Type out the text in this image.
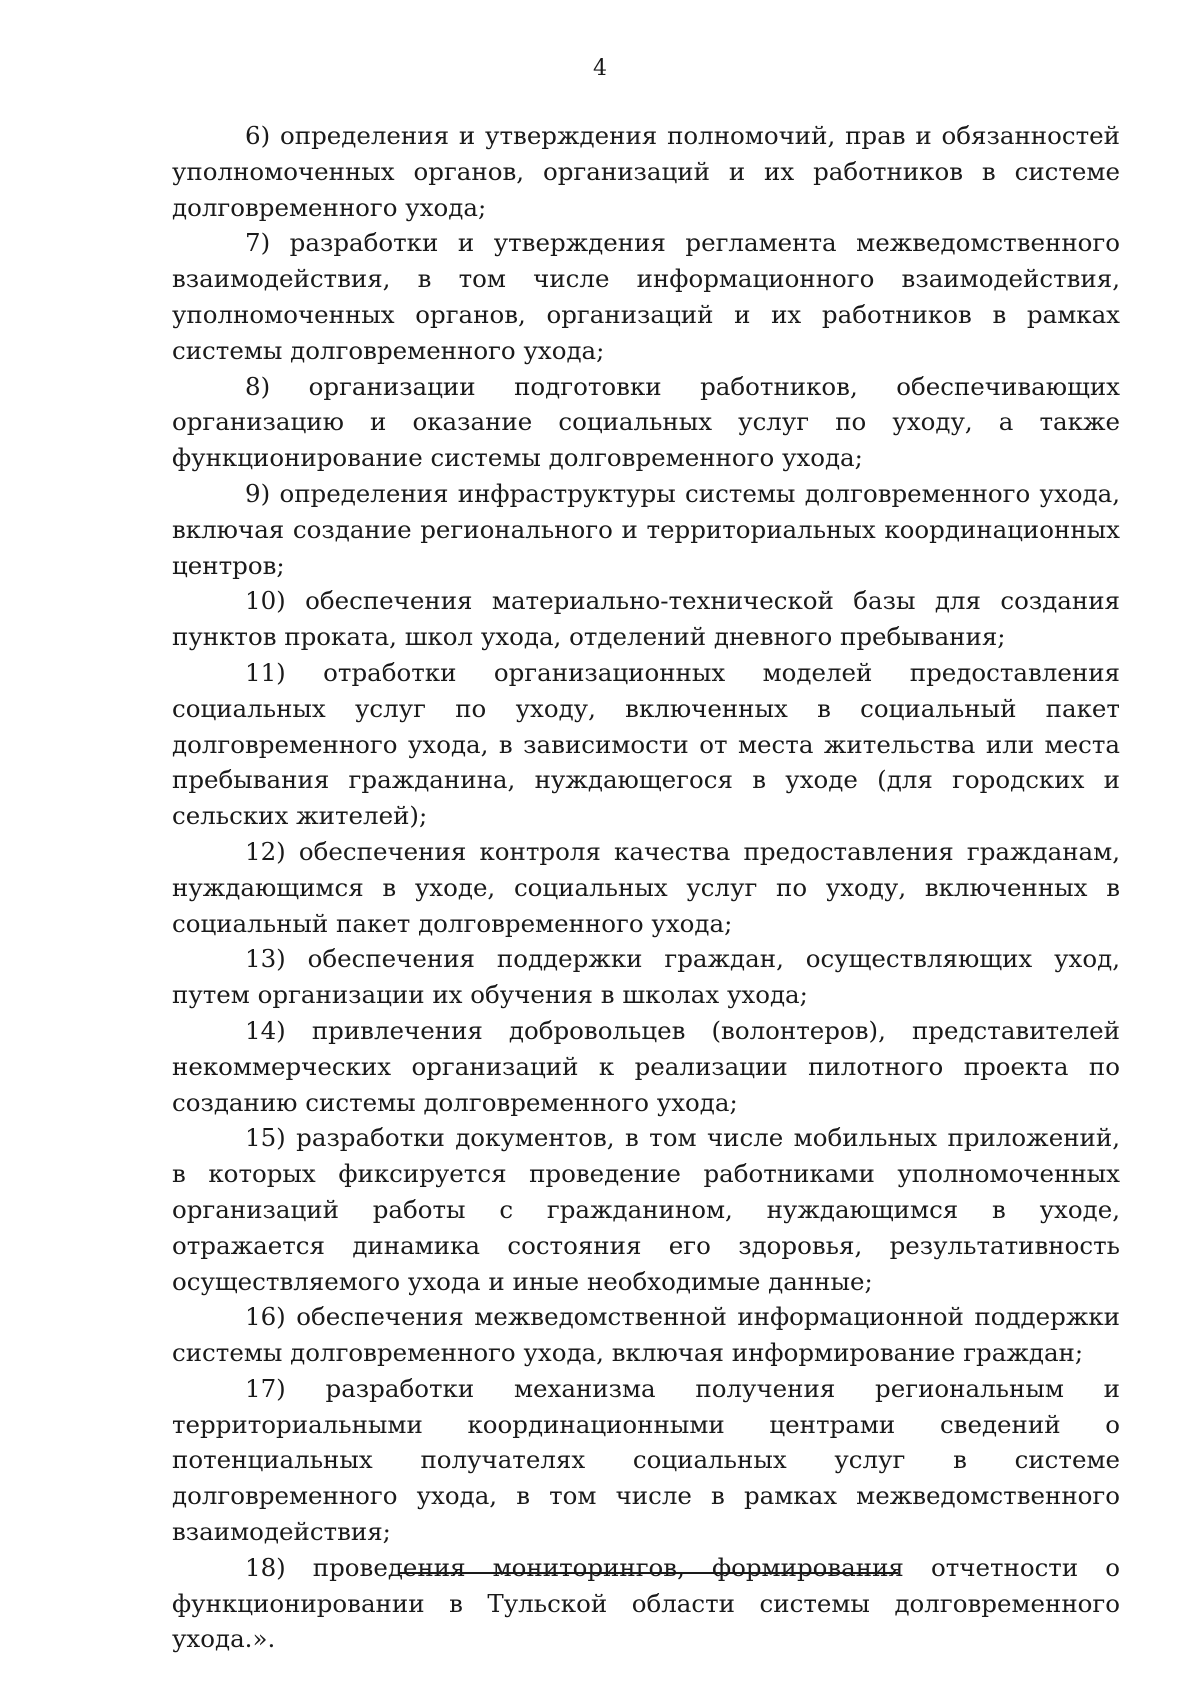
4

6) определения и утверждения полномочий, прав и обязанностей уполномоченных органов, организаций и их работников в системе долговременного ухода;

7) разработки и утверждения регламента межведомственного взаимодействия, в том числе информационного взаимодействия, уполномоченных органов, организаций и их работников в рамках системы долговременного ухода;

8) организации подготовки работников, обеспечивающих организацию и оказание социальных услуг по уходу, а также функционирование системы долговременного ухода;

9) определения инфраструктуры системы долговременного ухода, включая создание регионального и территориальных координационных центров;

10) обеспечения материально-технической базы для создания пунктов проката, школ ухода, отделений дневного пребывания;

11) отработки организационных моделей предоставления социальных услуг по уходу, включенных в социальный пакет долговременного ухода, в зависимости от места жительства или места пребывания гражданина, нуждающегося в уходе (для городских и сельских жителей);

12) обеспечения контроля качества предоставления гражданам, нуждающимся в уходе, социальных услуг по уходу, включенных в социальный пакет долговременного ухода;

13) обеспечения поддержки граждан, осуществляющих уход, путем организации их обучения в школах ухода;

14) привлечения добровольцев (волонтеров), представителей некоммерческих организаций к реализации пилотного проекта по созданию системы долговременного ухода;

15) разработки документов, в том числе мобильных приложений, в которых фиксируется проведение работниками уполномоченных организаций работы с гражданином, нуждающимся в уходе, отражается динамика состояния его здоровья, результативность осуществляемого ухода и иные необходимые данные;

16) обеспечения межведомственной информационной поддержки системы долговременного ухода, включая информирование граждан;

17) разработки механизма получения региональным и территориальными координационными центрами сведений о потенциальных получателях социальных услуг в системе долговременного ухода, в том числе в рамках межведомственного взаимодействия;

18) проведения мониторингов, формирования отчетности о функционировании в Тульской области системы долговременного ухода.».
